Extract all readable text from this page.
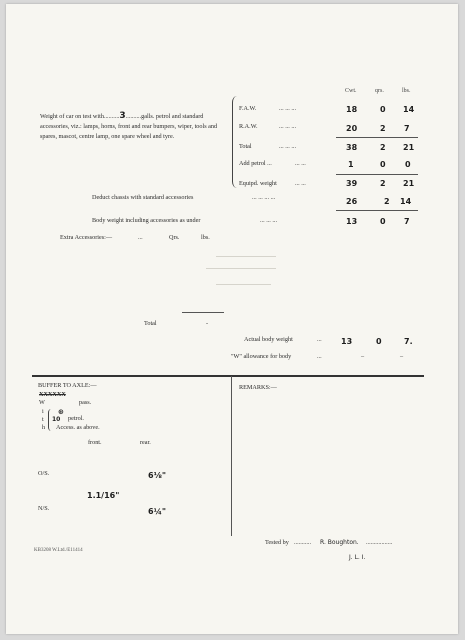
Cwt.	qrs.	lbs.
Weight of car on test with..........3..........galls. petrol and standard accessories, viz.: lamps, horns, front and rear bumpers, wiper, tools and spares, mascot, centre lamp, one spare wheel and tyre.
F.A.W.	... ... ...	18	0 14
R.A.W.	... ... ...	20	2 7
Total	... ... ...	38	2 21
Add petrol ...	... ...	1	0 0
Equipd. weight	... ...	39	2 21
Deduct chassis with standard accessories	... ... ... ...	26	2 14
Body weight including accessories as under	... ... ...	13	0 7
Extra Accessories:—	...	Qrs.	lbs.
Total	-
Actual body weight	... 13	0	7.
"W" allowance for body	...	–	–
BUFFER TO AXLE:—
XXXXXX
W	pass.
i
t
h
⊛
10 petrol.
Access. as above.
front.	rear.
O/S.	6⅛"
1.1/16"
N/S.	6¼"
REMARKS:—
Tested by ........... R. Boughton. .................
J. L. I.
KB3208 W.Ltd./E11414
